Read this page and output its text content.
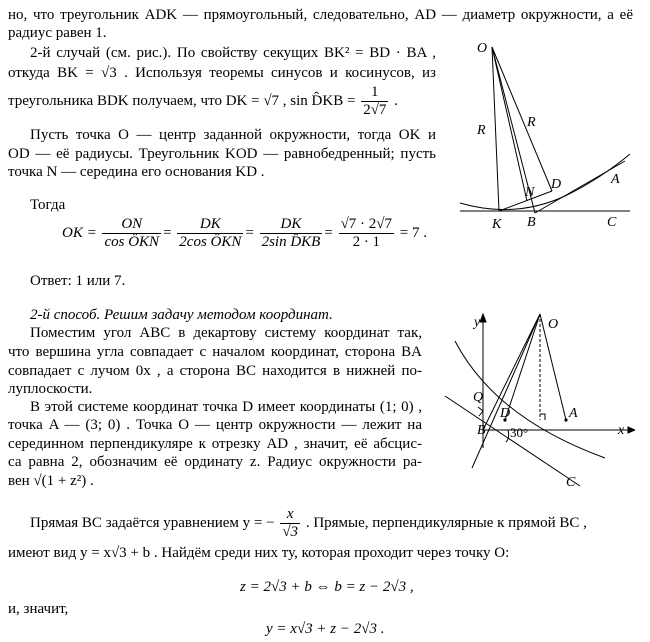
но, что треугольник ADK — прямоугольный, следовательно, AD — диаметр окружности, а её
радиус равен 1.
2-й случай (см. рис.). По свойству секущих BK² = BD · BA ,
откуда BK = √3 . Используя теоремы синусов и косинусов, из
треугольника BDK получаем, что DK = √7 , sin D̂KB = $\frac{1}{2√7}$ .
Пусть точка O — центр заданной окружности, тогда OK и
OD — её радиусы. Треугольник KOD — равнобедренный; пусть
точка N — середина его основания KD .
Тогда
OK = $\frac{ON}{\text{cos ÔKN}} = \frac{DK}{\text{2cos ÔKN}} = \frac{DK}{\text{2sin D̂KB}} = \frac{√7 \cdot 2√7}{2 \cdot 1} = 7$ .
Ответ: 1 или 7.
2-й способ. Решим задачу методом координат.
Поместим угол ABC в декартову систему координат так,
что вершина угла совпадает с началом координат, сторона BA
совпадает с лучом 0x , а сторона BC находится в нижней по-
луплоскости.
В этой системе координат точка D имеет координаты (1; 0) ,
точка A — (3; 0) . Точка O — центр окружности — лежит на
серединном перпендикуляре к отрезку AD , значит, её абсцис-
са равна 2, обозначим её ординату z. Радиус окружности ра-
вен √(1 + z²) .
Прямая BC задаётся уравнением y = − $\frac{x}{√3}$ . Прямые, перпендикулярные к прямой BC ,
имеют вид y = x√3 + b . Найдём среди них ту, которая проходит через точку O:
z = 2√3 + b ⇔ b = z − 2√3 ,
и, значит,
y = x√3 + z − 2√3 .
O
R
R
N
D	A
K B	C
y	O
Q
D	A
B 30°	x
C
